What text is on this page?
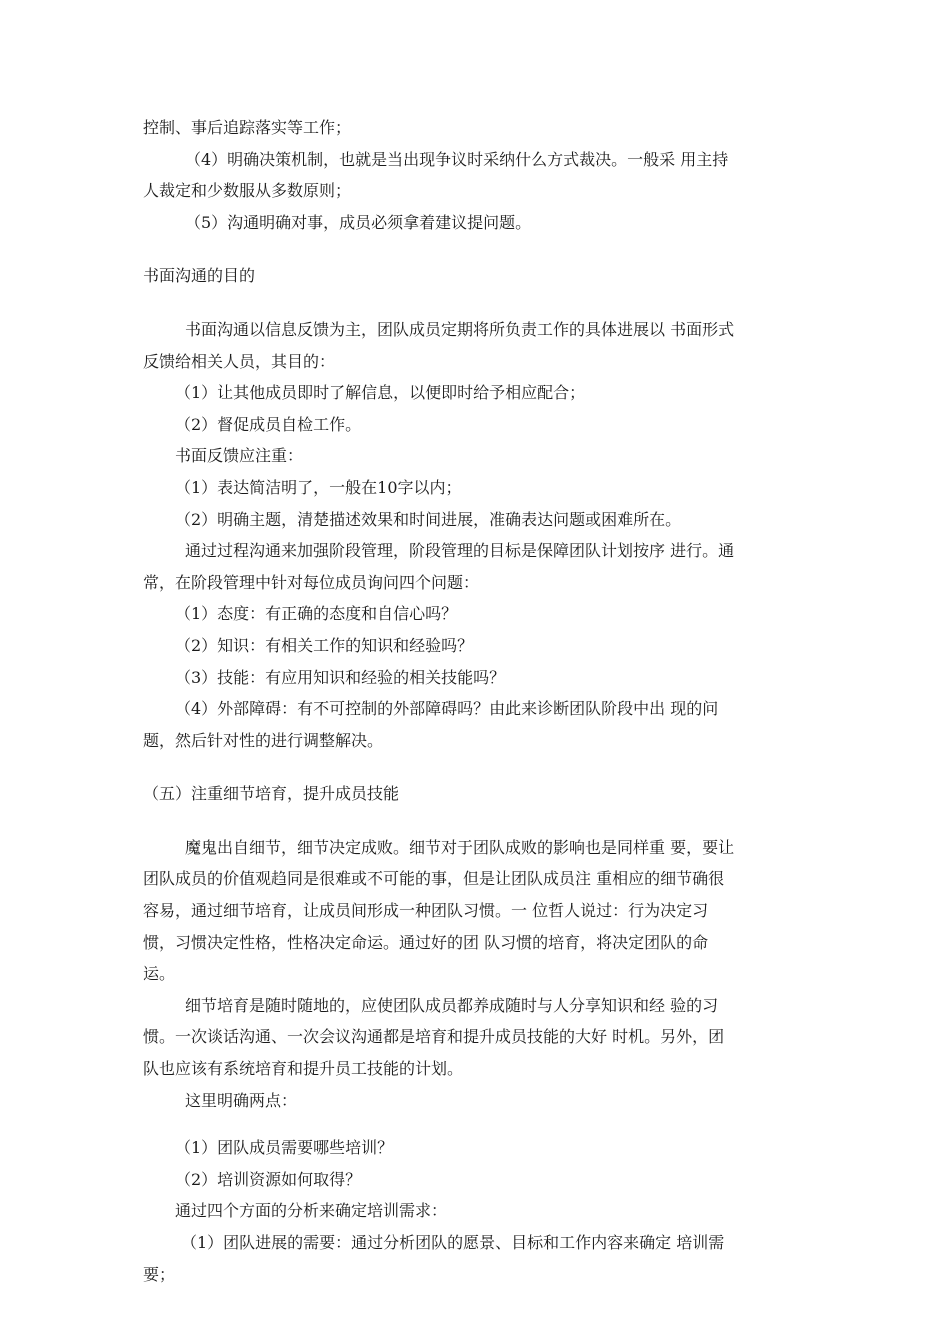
控制、事后追踪落实等工作；
（4）明确决策机制，也就是当出现争议时采纳什么方式裁决。一般采 用主持
人裁定和少数服从多数原则；
（5）沟通明确对事，成员必须拿着建议提问题。
书面沟通的目的
书面沟通以信息反馈为主，团队成员定期将所负责工作的具体进展以 书面形式
反馈给相关人员，其目的：
（1）让其他成员即时了解信息，以便即时给予相应配合；
（2）督促成员自检工作。
书面反馈应注重：
（1）表达简洁明了，一般在10字以内；
（2）明确主题，清楚描述效果和时间进展，准确表达问题或困难所在。
通过过程沟通来加强阶段管理，阶段管理的目标是保障团队计划按序 进行。通
常，在阶段管理中针对每位成员询问四个问题：
（1）态度：有正确的态度和自信心吗？
（2）知识：有相关工作的知识和经验吗？
（3）技能：有应用知识和经验的相关技能吗？
（4）外部障碍：有不可控制的外部障碍吗？由此来诊断团队阶段中出 现的问
题，然后针对性的进行调整解决。
（五）注重细节培育，提升成员技能
魔鬼出自细节，细节决定成败。细节对于团队成败的影响也是同样重 要，要让
团队成员的价值观趋同是很难或不可能的事，但是让团队成员注 重相应的细节确很
容易，通过细节培育，让成员间形成一种团队习惯。一 位哲人说过：行为决定习
惯，习惯决定性格，性格决定命运。通过好的团 队习惯的培育，将决定团队的命
运。
细节培育是随时随地的，应使团队成员都养成随时与人分享知识和经 验的习
惯。一次谈话沟通、一次会议沟通都是培育和提升成员技能的大好 时机。另外，团
队也应该有系统培育和提升员工技能的计划。
这里明确两点：
（1）团队成员需要哪些培训？
（2）培训资源如何取得？
通过四个方面的分析来确定培训需求：
（1）团队进展的需要：通过分析团队的愿景、目标和工作内容来确定 培训需
要；
